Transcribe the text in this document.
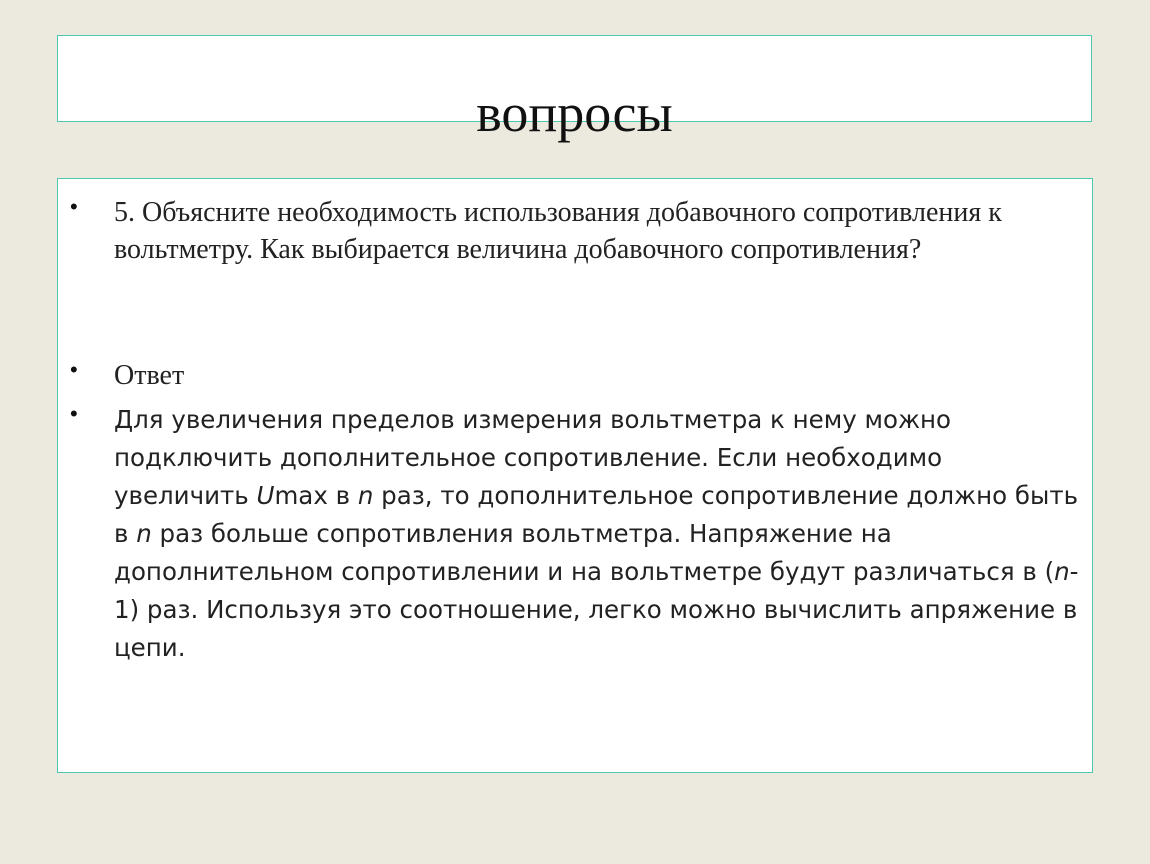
вопросы
• 5. Объясните необходимость использования добавочного сопротивления к вольтметру. Как выбирается величина добавочного сопротивления?

• Ответ

• Для увеличения пределов измерения вольтметра к нему можно подключить дополнительное сопротивление. Если необходимо увеличить Umax в n раз, то дополнительное сопротивление должно быть в n раз больше сопротивления вольтметра. Напряжение на дополнительном сопротивлении и на вольтметре будут различаться в (n-1) раз. Используя это соотношение, легко можно вычислить апряжение в цепи.
